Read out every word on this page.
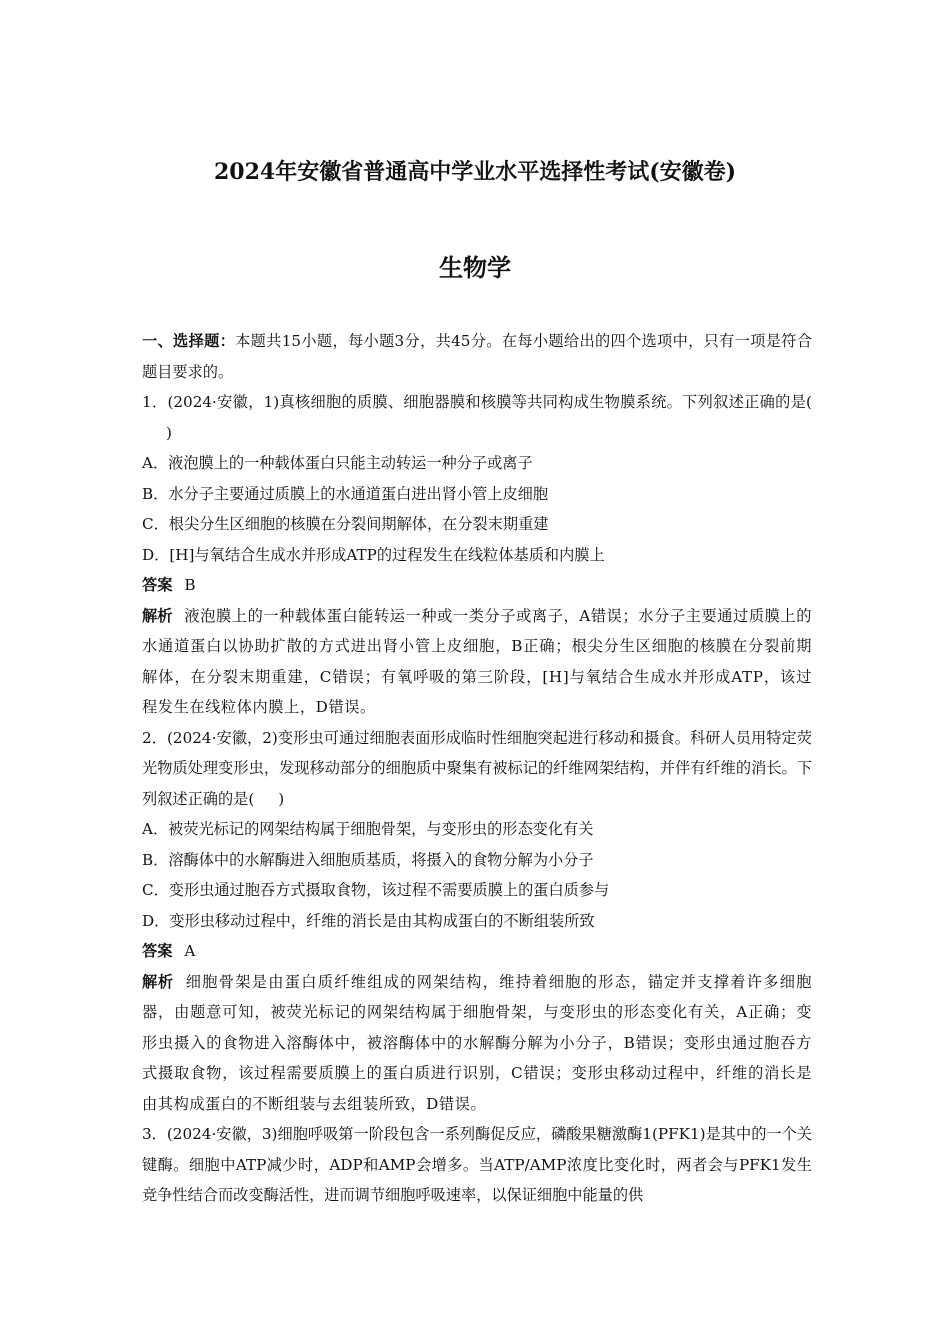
2024年安徽省普通高中学业水平选择性考试(安徽卷)
生物学

一、选择题：本题共15小题，每小题3分，共45分。在每小题给出的四个选项中，只有一项是符合题目要求的。

1．(2024·安徽，1)真核细胞的质膜、细胞器膜和核膜等共同构成生物膜系统。下列叙述正确的是()

A．液泡膜上的一种载体蛋白只能主动转运一种分子或离子

B．水分子主要通过质膜上的水通道蛋白进出肾小管上皮细胞

C．根尖分生区细胞的核膜在分裂间期解体，在分裂末期重建

D．[H]与氧结合生成水并形成ATP的过程发生在线粒体基质和内膜上

答案 B

解析 液泡膜上的一种载体蛋白能转运一种或一类分子或离子，A错误；水分子主要通过质膜上的水通道蛋白以协助扩散的方式进出肾小管上皮细胞，B正确；根尖分生区细胞的核膜在分裂前期解体，在分裂末期重建，C错误；有氧呼吸的第三阶段，[H]与氧结合生成水并形成ATP，该过程发生在线粒体内膜上，D错误。

2．(2024·安徽，2)变形虫可通过细胞表面形成临时性细胞突起进行移动和摄食。科研人员用特定荧光物质处理变形虫，发现移动部分的细胞质中聚集有被标记的纤维网架结构，并伴有纤维的消长。下列叙述正确的是( )

A．被荧光标记的网架结构属于细胞骨架，与变形虫的形态变化有关

B．溶酶体中的水解酶进入细胞质基质，将摄入的食物分解为小分子

C．变形虫通过胞吞方式摄取食物，该过程不需要质膜上的蛋白质参与

D．变形虫移动过程中，纤维的消长是由其构成蛋白的不断组装所致

答案 A

解析 细胞骨架是由蛋白质纤维组成的网架结构，维持着细胞的形态，锚定并支撑着许多细胞器，由题意可知，被荧光标记的网架结构属于细胞骨架，与变形虫的形态变化有关，A正确；变形虫摄入的食物进入溶酶体中，被溶酶体中的水解酶分解为小分子，B错误；变形虫通过胞吞方式摄取食物，该过程需要质膜上的蛋白质进行识别，C错误；变形虫移动过程中，纤维的消长是由其构成蛋白的不断组装与去组装所致，D错误。

3．(2024·安徽，3)细胞呼吸第一阶段包含一系列酶促反应，磷酸果糖激酶1(PFK1)是其中的一个关键酶。细胞中ATP减少时，ADP和AMP会增多。当ATP/AMP浓度比变化时，两者会与PFK1发生竞争性结合而改变酶活性，进而调节细胞呼吸速率，以保证细胞中能量的供
